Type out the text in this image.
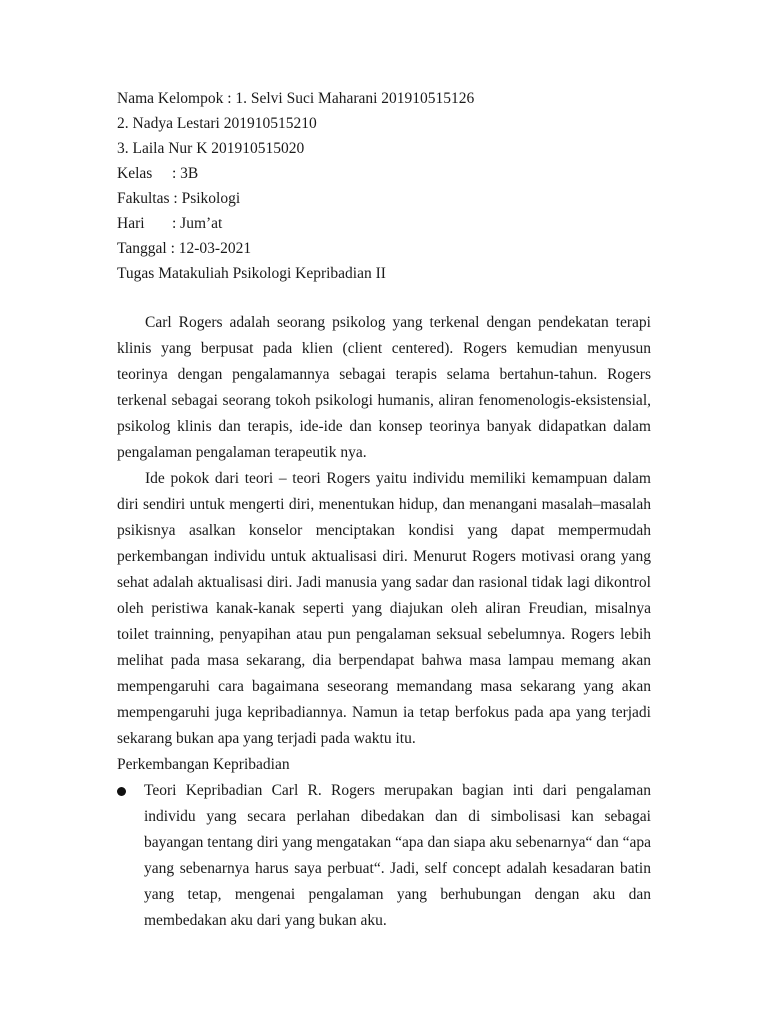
Nama Kelompok : 1. Selvi Suci Maharani 201910515126
2. Nadya Lestari 201910515210
3. Laila Nur K 201910515020
Kelas : 3B
Fakultas : Psikologi
Hari : Jum’at
Tanggal : 12-03-2021
Tugas Matakuliah Psikologi Kepribadian II

Carl Rogers adalah seorang psikolog yang terkenal dengan pendekatan terapi klinis yang berpusat pada klien (client centered). Rogers kemudian menyusun teorinya dengan pengalamannya sebagai terapis selama bertahun-tahun. Rogers terkenal sebagai seorang tokoh psikologi humanis, aliran fenomenologis-eksistensial, psikolog klinis dan terapis, ide-ide dan konsep teorinya banyak didapatkan dalam pengalaman pengalaman terapeutik nya.

Ide pokok dari teori – teori Rogers yaitu individu memiliki kemampuan dalam diri sendiri untuk mengerti diri, menentukan hidup, dan menangani masalah–masalah psikisnya asalkan konselor menciptakan kondisi yang dapat mempermudah perkembangan individu untuk aktualisasi diri. Menurut Rogers motivasi orang yang sehat adalah aktualisasi diri. Jadi manusia yang sadar dan rasional tidak lagi dikontrol oleh peristiwa kanak-kanak seperti yang diajukan oleh aliran Freudian, misalnya toilet trainning, penyapihan atau pun pengalaman seksual sebelumnya. Rogers lebih melihat pada masa sekarang, dia berpendapat bahwa masa lampau memang akan mempengaruhi cara bagaimana seseorang memandang masa sekarang yang akan mempengaruhi juga kepribadiannya. Namun ia tetap berfokus pada apa yang terjadi sekarang bukan apa yang terjadi pada waktu itu.

Perkembangan Kepribadian

Teori Kepribadian Carl R. Rogers merupakan bagian inti dari pengalaman individu yang secara perlahan dibedakan dan di simbolisasi kan sebagai bayangan tentang diri yang mengatakan “apa dan siapa aku sebenarnya“ dan “apa yang sebenarnya harus saya perbuat“. Jadi, self concept adalah kesadaran batin yang tetap, mengenai pengalaman yang berhubungan dengan aku dan membedakan aku dari yang bukan aku.
